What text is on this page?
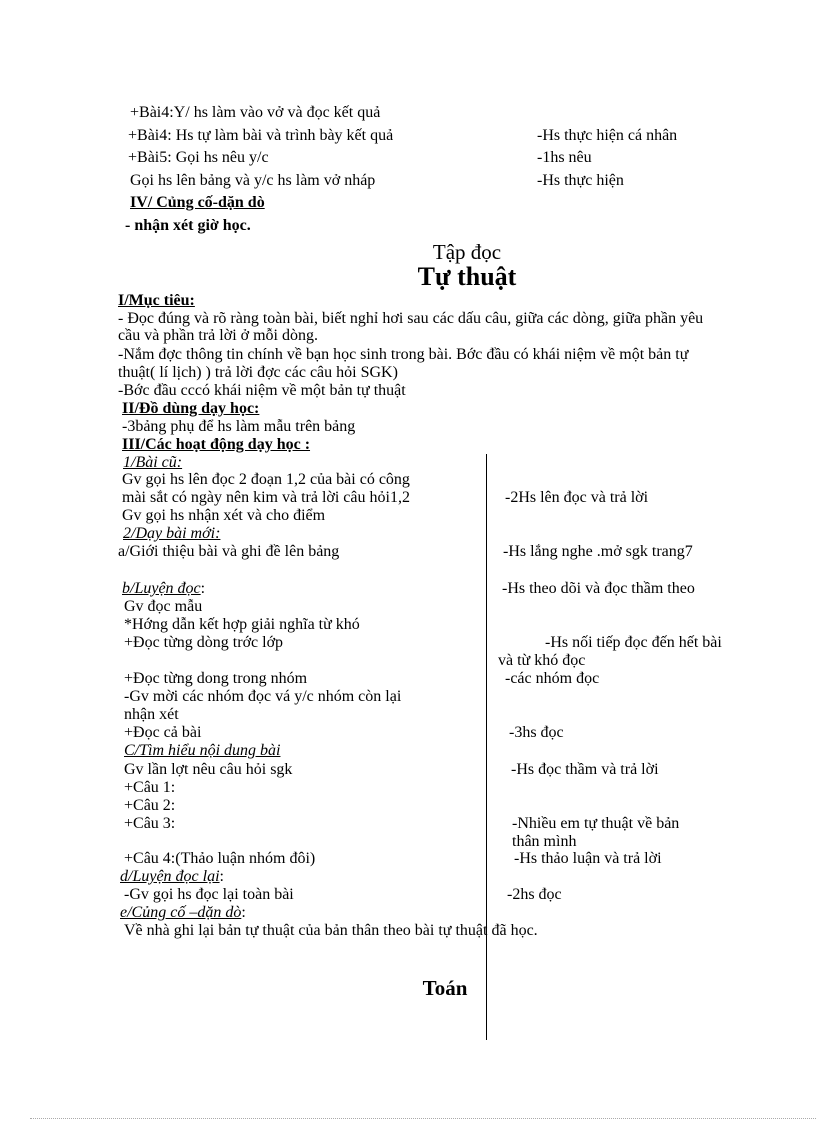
+Bài4:Y/ hs làm vào vở và đọc kết quả
+Bài4: Hs tự làm bài và trình bày kết quả	-Hs thực hiện cá nhân
+Bài5: Gọi hs nêu y/c	-1hs nêu
Gọi hs lên bảng và y/c hs làm vở nháp	-Hs thực hiện
IV/ Củng cố-dặn dò
- nhận xét giờ học.
Tập đọc
Tự thuật
I/Mục tiêu:
- Đọc đúng và rõ ràng toàn bài, biết nghỉ hơi sau các dấu câu, giữa các dòng, giữa phần yêu
cầu và phần trả lời ở mỗi dòng.
-Nắm đợc thông tin chính về bạn học sinh trong bài. Bớc đầu có khái niệm về một bản tự
thuật( lí lịch) ) trả lời đợc các câu hỏi SGK)
-Bớc đầu cccó khái niệm về một bản tự thuật
II/Đồ dùng dạy học:
-3bảng phụ để hs làm mẫu trên bảng
III/Các hoạt động dạy học :
1/Bài cũ:
Gv gọi hs lên đọc 2 đoạn 1,2 của bài có công
mài sắt có ngày nên kim và trả lời câu hỏi1,2	-2Hs lên đọc và trả lời
Gv gọi hs nhận xét và cho điểm
2/Dạy bài mới:
a/Giới thiệu bài và ghi đề lên bảng	-Hs lắng nghe .mở sgk trang7
b/Luyện đọc:	-Hs theo dõi và đọc thầm theo
Gv đọc mẫu
*Hớng dẫn kết hợp giải nghĩa từ khó
+Đọc từng dòng trớc lớp	-Hs nối tiếp đọc đến hết bài
và từ khó đọc
+Đọc từng dong trong nhóm	-các nhóm đọc
-Gv mời các nhóm đọc vá y/c nhóm còn lại
nhận xét
+Đọc cả bài	-3hs đọc
C/Tìm hiểu nội dung bài
Gv lần lợt nêu câu hỏi sgk	-Hs đọc thầm và trả lời
+Câu 1:
+Câu 2:
+Câu 3:	-Nhiều em tự thuật về bản
thân mình
+Câu 4:(Thảo luận nhóm đôi)	-Hs thảo luận và trả lời
d/Luyện đọc lại:
-Gv gọi hs đọc lại toàn bài	-2hs đọc
e/Củng cố –dặn dò:
Về nhà ghi lại bản tự thuật của bản thân theo bài tự thuật đã học.
Toán
